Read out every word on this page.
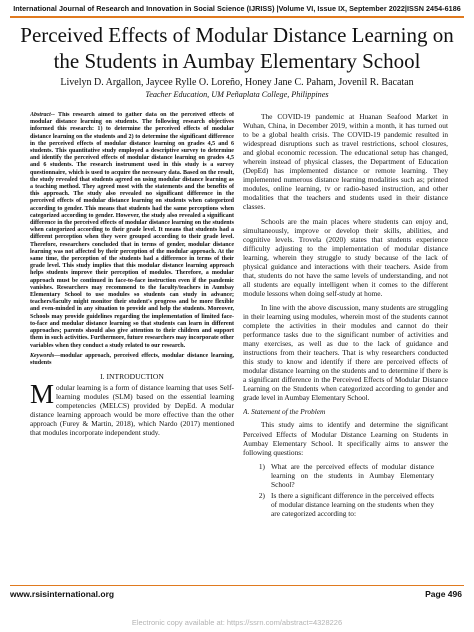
International Journal of Research and Innovation in Social Science (IJRISS) |Volume VI, Issue IX, September 2022|ISSN 2454-6186
Perceived Effects of Modular Distance Learning on the Students in Aumbay Elementary School
Livelyn D. Argallon, Jaycee Rylle O. Loreño, Honey Jane C. Paham, Jovenil R. Bacatan
Teacher Education, UM Peñaplata College, Philippines

Abstract-- This research aimed to gather data on the perceived effects of modular distance learning on students. The following research objectives informed this research: 1) to determine the perceived effects of modular distance learning on the students and 2) to determine the significant difference in the perceived effects of modular distance learning on grades 4,5 and 6 students. This quantitative study employed a descriptive survey to determine and identify the perceived effects of modular distance learning on grades 4,5 and 6 students. The research instrument used in this study is a survey questionnaire, which is used to acquire the necessary data. Based on the result, the study revealed that students agreed on using modular distance learning as a teaching method. They agreed most with the statements and the benefits of this approach. The study also revealed no significant difference in the perceived effects of modular distance learning on students when categorized according to gender. This means that students had the same perceptions when categorized according to gender. However, the study also revealed a significant difference in the perceived effects of modular distance learning on the students when categorized according to their grade level. It means that students had a different perception when they were grouped according to their grade level. Therefore, researchers concluded that in terms of gender, modular distance learning was not affected by their perception of the modular approach. At the same time, the perception of the students had a difference in terms of their grade level. This study implies that this modular distance learning approach helps students improve their perception of modules. Therefore, a modular approach must be continued in face-to-face instruction even if the pandemic vanishes. Researchers may recommend to the faculty/teachers in Aumbay Elementary School to use modules so students can study in advance; teachers/faculty might monitor their student's progress and be more flexible and even-minded in any situation to provide and help the students. Moreover, Schools may provide guidelines regarding the implementation of limited face-to-face and modular distance learning so that students can learn in different approaches; parents should also give attention to their children and support them in such activities. Furthermore, future researchers may incorporate other variables when they conduct a study related to our research.

Keywords—modular approach, perceived effects, modular distance learning, students

I. INTRODUCTION

Modular learning is a form of distance learning that uses Self-learning modules (SLM) based on the essential learning competencies (MELCS) provided by DepEd. A modular distance learning approach would be more effective than the other approach (Furey & Martin, 2018), which Nardo (2017) mentioned that modules incorporate independent study.

The COVID-19 pandemic at Huanan Seafood Market in Wuhan, China, in December 2019, within a month, it has turned out to be a global health crisis. The COVID-19 pandemic resulted in widespread disruptions such as travel restrictions, school closures, and global economic recession. The educational setup has changed, wherein instead of physical classes, the Department of Education (DepEd) has implemented distance or remote learning. They implemented numerous distance learning modalities such as; printed modules, online learning, tv or radio-based instruction, and other modalities that the teachers and students used in their distance classes.

Schools are the main places where students can enjoy and, simultaneously, improve or develop their skills, abilities, and cognitive levels. Trovela (2020) states that students experience difficulty adjusting to the implementation of modular distance learning, wherein they struggle to study because of the lack of physical guidance and interactions with their teachers. Aside from that, students do not have the same levels of understanding, and not all students are equally intelligent when it comes to the different module lessons when doing self-study at home.

In line with the above discussion, many students are struggling in their learning using modules, wherein most of the students cannot complete the activities in their modules and cannot do their performance tasks due to the significant number of activities and many exercises, as well as due to the lack of guidance and instructions from their teachers. That is why researchers conducted this study to know and identify if there are perceived effects of modular distance learning on the students and to determine if there is a significant difference in the Perceived Effects of Modular Distance Learning on the Students when categorized according to gender and grade level in Aumbay Elementary School.

A. Statement of the Problem

This study aims to identify and determine the significant Perceived Effects of Modular Distance Learning on Students in Aumbay Elementary School. It specifically aims to answer the following questions:

1) What are the perceived effects of modular distance learning on the students in Aumbay Elementary School?
2) Is there a significant difference in the perceived effects of modular distance learning on the students when they are categorized according to:
www.rsisinternational.org	Page 496
Electronic copy available at: https://ssrn.com/abstract=4328226
